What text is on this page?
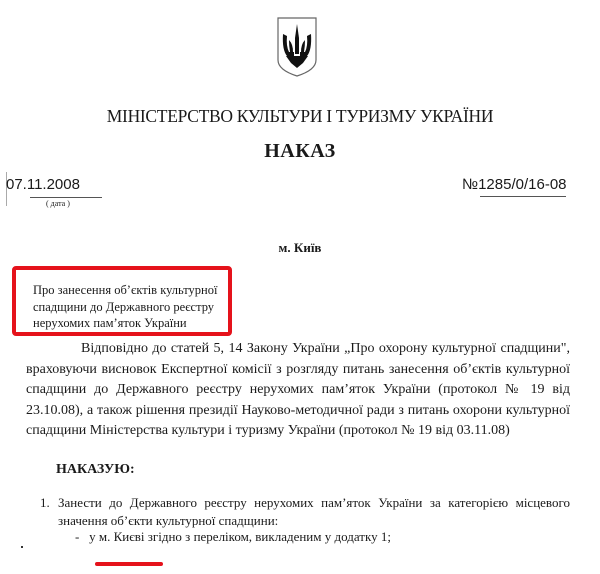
МІНІСТЕРСТВО КУЛЬТУРИ І ТУРИЗМУ УКРАЇНИ
НАКАЗ
07.11.2008
( дата )
№1285/0/16-08
м. Київ
Про занесення об’єктів культурної
спадщини до Державного реєстру
нерухомих пам’яток України
Відповідно до статей 5, 14 Закону України „Про охорону культурної спадщини", враховуючи висновок Експертної комісії з розгляду питань занесення об’єктів культурної спадщини до Державного реєстру нерухомих пам’яток України (протокол № 19 від 23.10.08), а також рішення президії Науково-методичної ради з питань охорони культурної спадщини Міністерства культури і туризму України (протокол № 19 від 03.11.08)
НАКАЗУЮ:
1. Занести до Державного реєстру нерухомих пам’яток України за категорією місцевого значення об’єкти культурної спадщини:
- у м. Києві згідно з переліком, викладеним у додатку 1;
